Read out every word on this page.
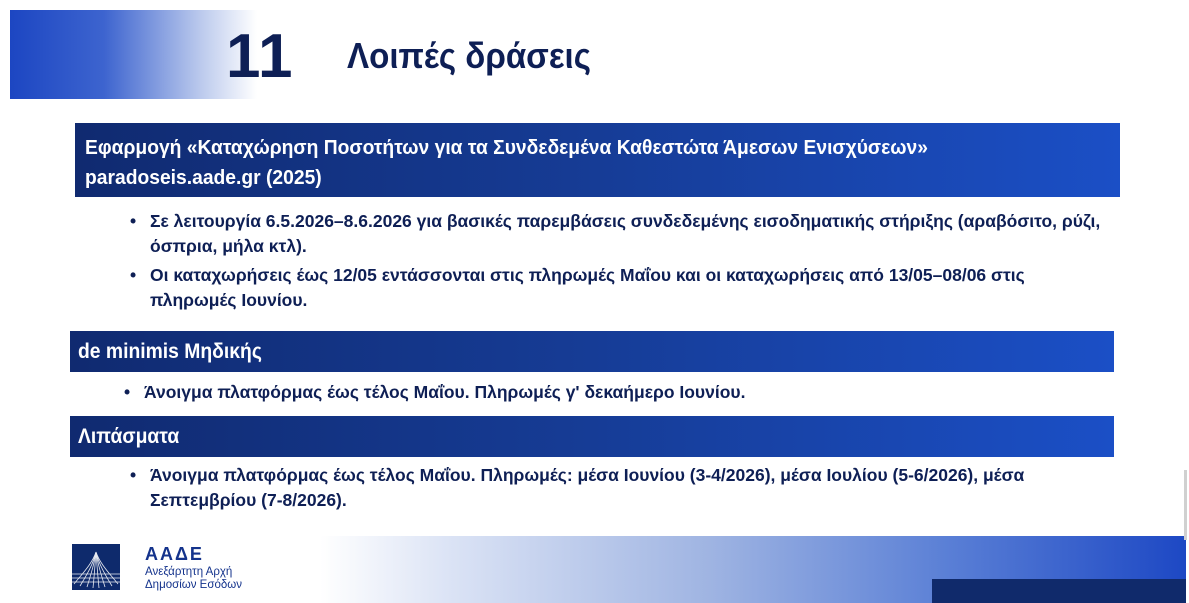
11 Λοιπές δράσεις
Εφαρμογή «Καταχώρηση Ποσοτήτων για τα Συνδεδεμένα Καθεστώτα Άμεσων Ενισχύσεων» paradoseis.aade.gr (2025)
• Σε λειτουργία 6.5.2026–8.6.2026 για βασικές παρεμβάσεις συνδεδεμένης εισοδηματικής στήριξης (αραβόσιτο, ρύζι, όσπρια, μήλα κτλ).
• Οι καταχωρήσεις έως 12/05 εντάσσονται στις πληρωμές Μαΐου και οι καταχωρήσεις από 13/05–08/06 στις πληρωμές Ιουνίου.
de minimis Μηδικής
• Άνοιγμα πλατφόρμας έως τέλος Μαΐου. Πληρωμές γ' δεκαήμερο Ιουνίου.
Λιπάσματα
• Άνοιγμα πλατφόρμας έως τέλος Μαΐου. Πληρωμές: μέσα Ιουνίου (3-4/2026), μέσα Ιουλίου (5-6/2026), μέσα Σεπτεμβρίου (7-8/2026).
ΑΑΔΕ
Ανεξάρτητη Αρχή
Δημοσίων Εσόδων
